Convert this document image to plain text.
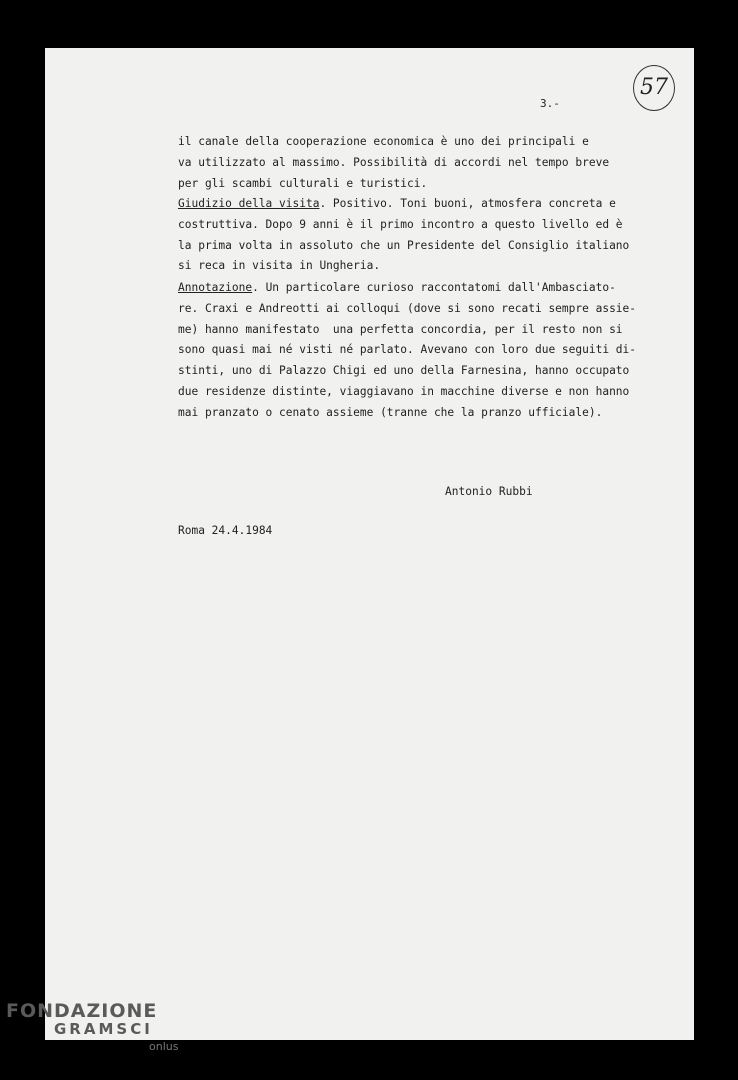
3.-
57
il canale della cooperazione economica è uno dei principali e
va utilizzato al massimo. Possibilità di accordi nel tempo breve
per gli scambi culturali e turistici.
Giudizio della visita. Positivo. Toni buoni, atmosfera concreta e
costruttiva. Dopo 9 anni è il primo incontro a questo livello ed è
la prima volta in assoluto che un Presidente del Consiglio italiano
si reca in visita in Ungheria.
Annotazione. Un particolare curioso raccontatomi dall'Ambasciato-
re. Craxi e Andreotti ai colloqui (dove si sono recati sempre assie-
me) hanno manifestato  una perfetta concordia, per il resto non si
sono quasi mai né visti né parlato. Avevano con loro due seguiti di-
stinti, uno di Palazzo Chigi ed uno della Farnesina, hanno occupato
due residenze distinte, viaggiavano in macchine diverse e non hanno
mai pranzato o cenato assieme (tranne che la pranzo ufficiale).
Antonio Rubbi
Roma 24.4.1984
FONDAZIONE
GRAMSCI
onlus
